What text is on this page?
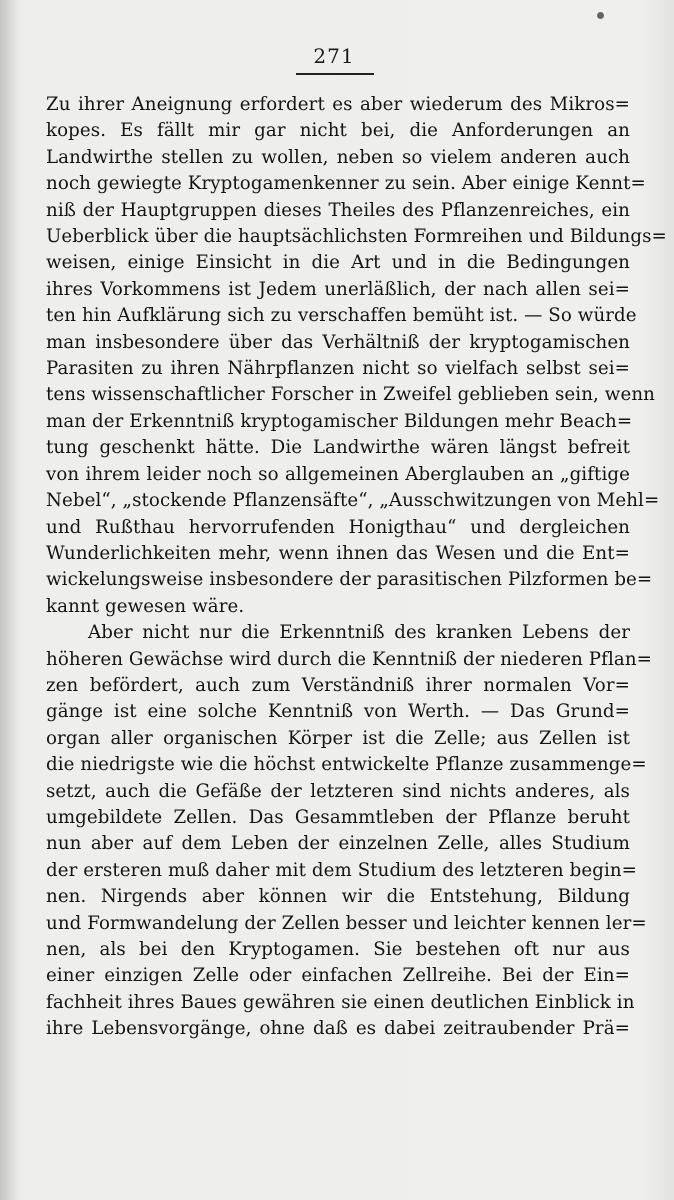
271
Zu ihrer Aneignung erfordert es aber wiederum des Mikros=
kopes. Es fällt mir gar nicht bei, die Anforderungen an
Landwirthe stellen zu wollen, neben so vielem anderen auch
noch gewiegte Kryptogamenkenner zu sein. Aber einige Kennt=
niß der Hauptgruppen dieses Theiles des Pflanzenreiches, ein
Ueberblick über die hauptsächlichsten Formreihen und Bildungs=
weisen, einige Einsicht in die Art und in die Bedingungen
ihres Vorkommens ist Jedem unerläßlich, der nach allen sei=
ten hin Aufklärung sich zu verschaffen bemüht ist. — So würde
man insbesondere über das Verhältniß der kryptogamischen
Parasiten zu ihren Nährpflanzen nicht so vielfach selbst sei=
tens wissenschaftlicher Forscher in Zweifel geblieben sein, wenn
man der Erkenntniß kryptogamischer Bildungen mehr Beach=
tung geschenkt hätte. Die Landwirthe wären längst befreit
von ihrem leider noch so allgemeinen Aberglauben an „giftige
Nebel“, „stockende Pflanzensäfte“, „Ausschwitzungen von Mehl=
und Rußthau hervorrufenden Honigthau“ und dergleichen
Wunderlichkeiten mehr, wenn ihnen das Wesen und die Ent=
wickelungsweise insbesondere der parasitischen Pilzformen be=
kannt gewesen wäre.
Aber nicht nur die Erkenntniß des kranken Lebens der
höheren Gewächse wird durch die Kenntniß der niederen Pflan=
zen befördert, auch zum Verständniß ihrer normalen Vor=
gänge ist eine solche Kenntniß von Werth. — Das Grund=
organ aller organischen Körper ist die Zelle; aus Zellen ist
die niedrigste wie die höchst entwickelte Pflanze zusammenge=
setzt, auch die Gefäße der letzteren sind nichts anderes, als
umgebildete Zellen. Das Gesammtleben der Pflanze beruht
nun aber auf dem Leben der einzelnen Zelle, alles Studium
der ersteren muß daher mit dem Studium des letzteren begin=
nen. Nirgends aber können wir die Entstehung, Bildung
und Formwandelung der Zellen besser und leichter kennen ler=
nen, als bei den Kryptogamen. Sie bestehen oft nur aus
einer einzigen Zelle oder einfachen Zellreihe. Bei der Ein=
fachheit ihres Baues gewähren sie einen deutlichen Einblick in
ihre Lebensvorgänge, ohne daß es dabei zeitraubender Prä=
